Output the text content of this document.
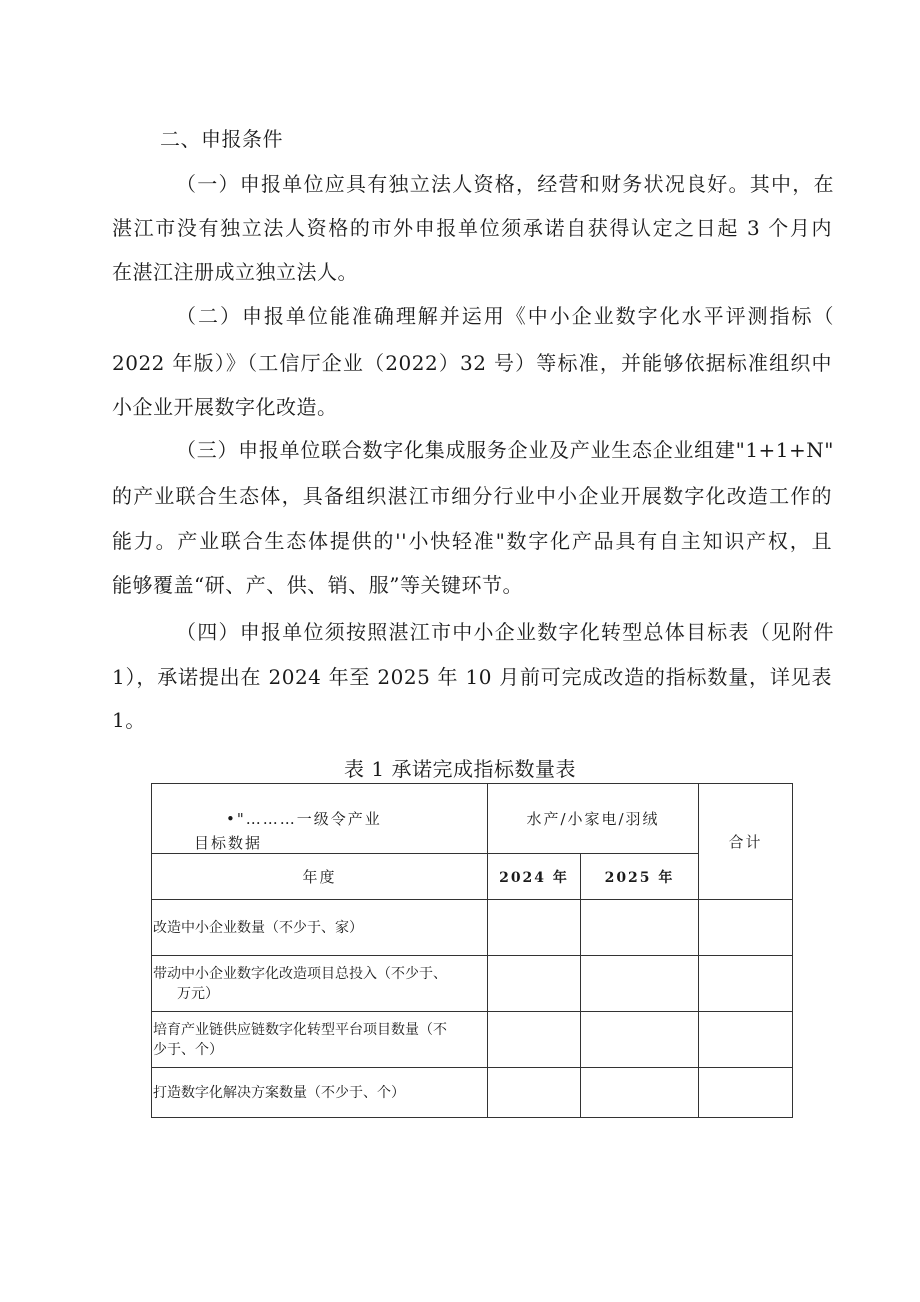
二、申报条件
（一）申报单位应具有独立法人资格，经营和财务状况良好。其中，在
湛江市没有独立法人资格的市外申报单位须承诺自获得认定之日起 3 个月内
在湛江注册成立独立法人。
（二）申报单位能准确理解并运用《中小企业数字化水平评测指标（
2022 年版）》（工信厅企业（2022）32 号）等标准，并能够依据标准组织中
小企业开展数字化改造。
（三）申报单位联合数字化集成服务企业及产业生态企业组建"1+1+N"
的产业联合生态体，具备组织湛江市细分行业中小企业开展数字化改造工作的
能力。产业联合生态体提供的''小快轻准"数字化产品具有自主知识产权，且
能够覆盖“研、产、供、销、服”等关键环节。
（四）申报单位须按照湛江市中小企业数字化转型总体目标表（见附件
1），承诺提出在 2024 年至 2025 年 10 月前可完成改造的指标数量，详见表
1。
表 1 承诺完成指标数量表
•"………一级令产业
目标数据	水产/小家电/羽绒		合计
年度	2024 年	2025 年	

改造中小企业数量（不少于、家）			

带动中小企业数字化改造项目总投入（不少于、
万元）			

培育产业链供应链数字化转型平台项目数量（不
少于、个）			

打造数字化解决方案数量（不少于、个）			
